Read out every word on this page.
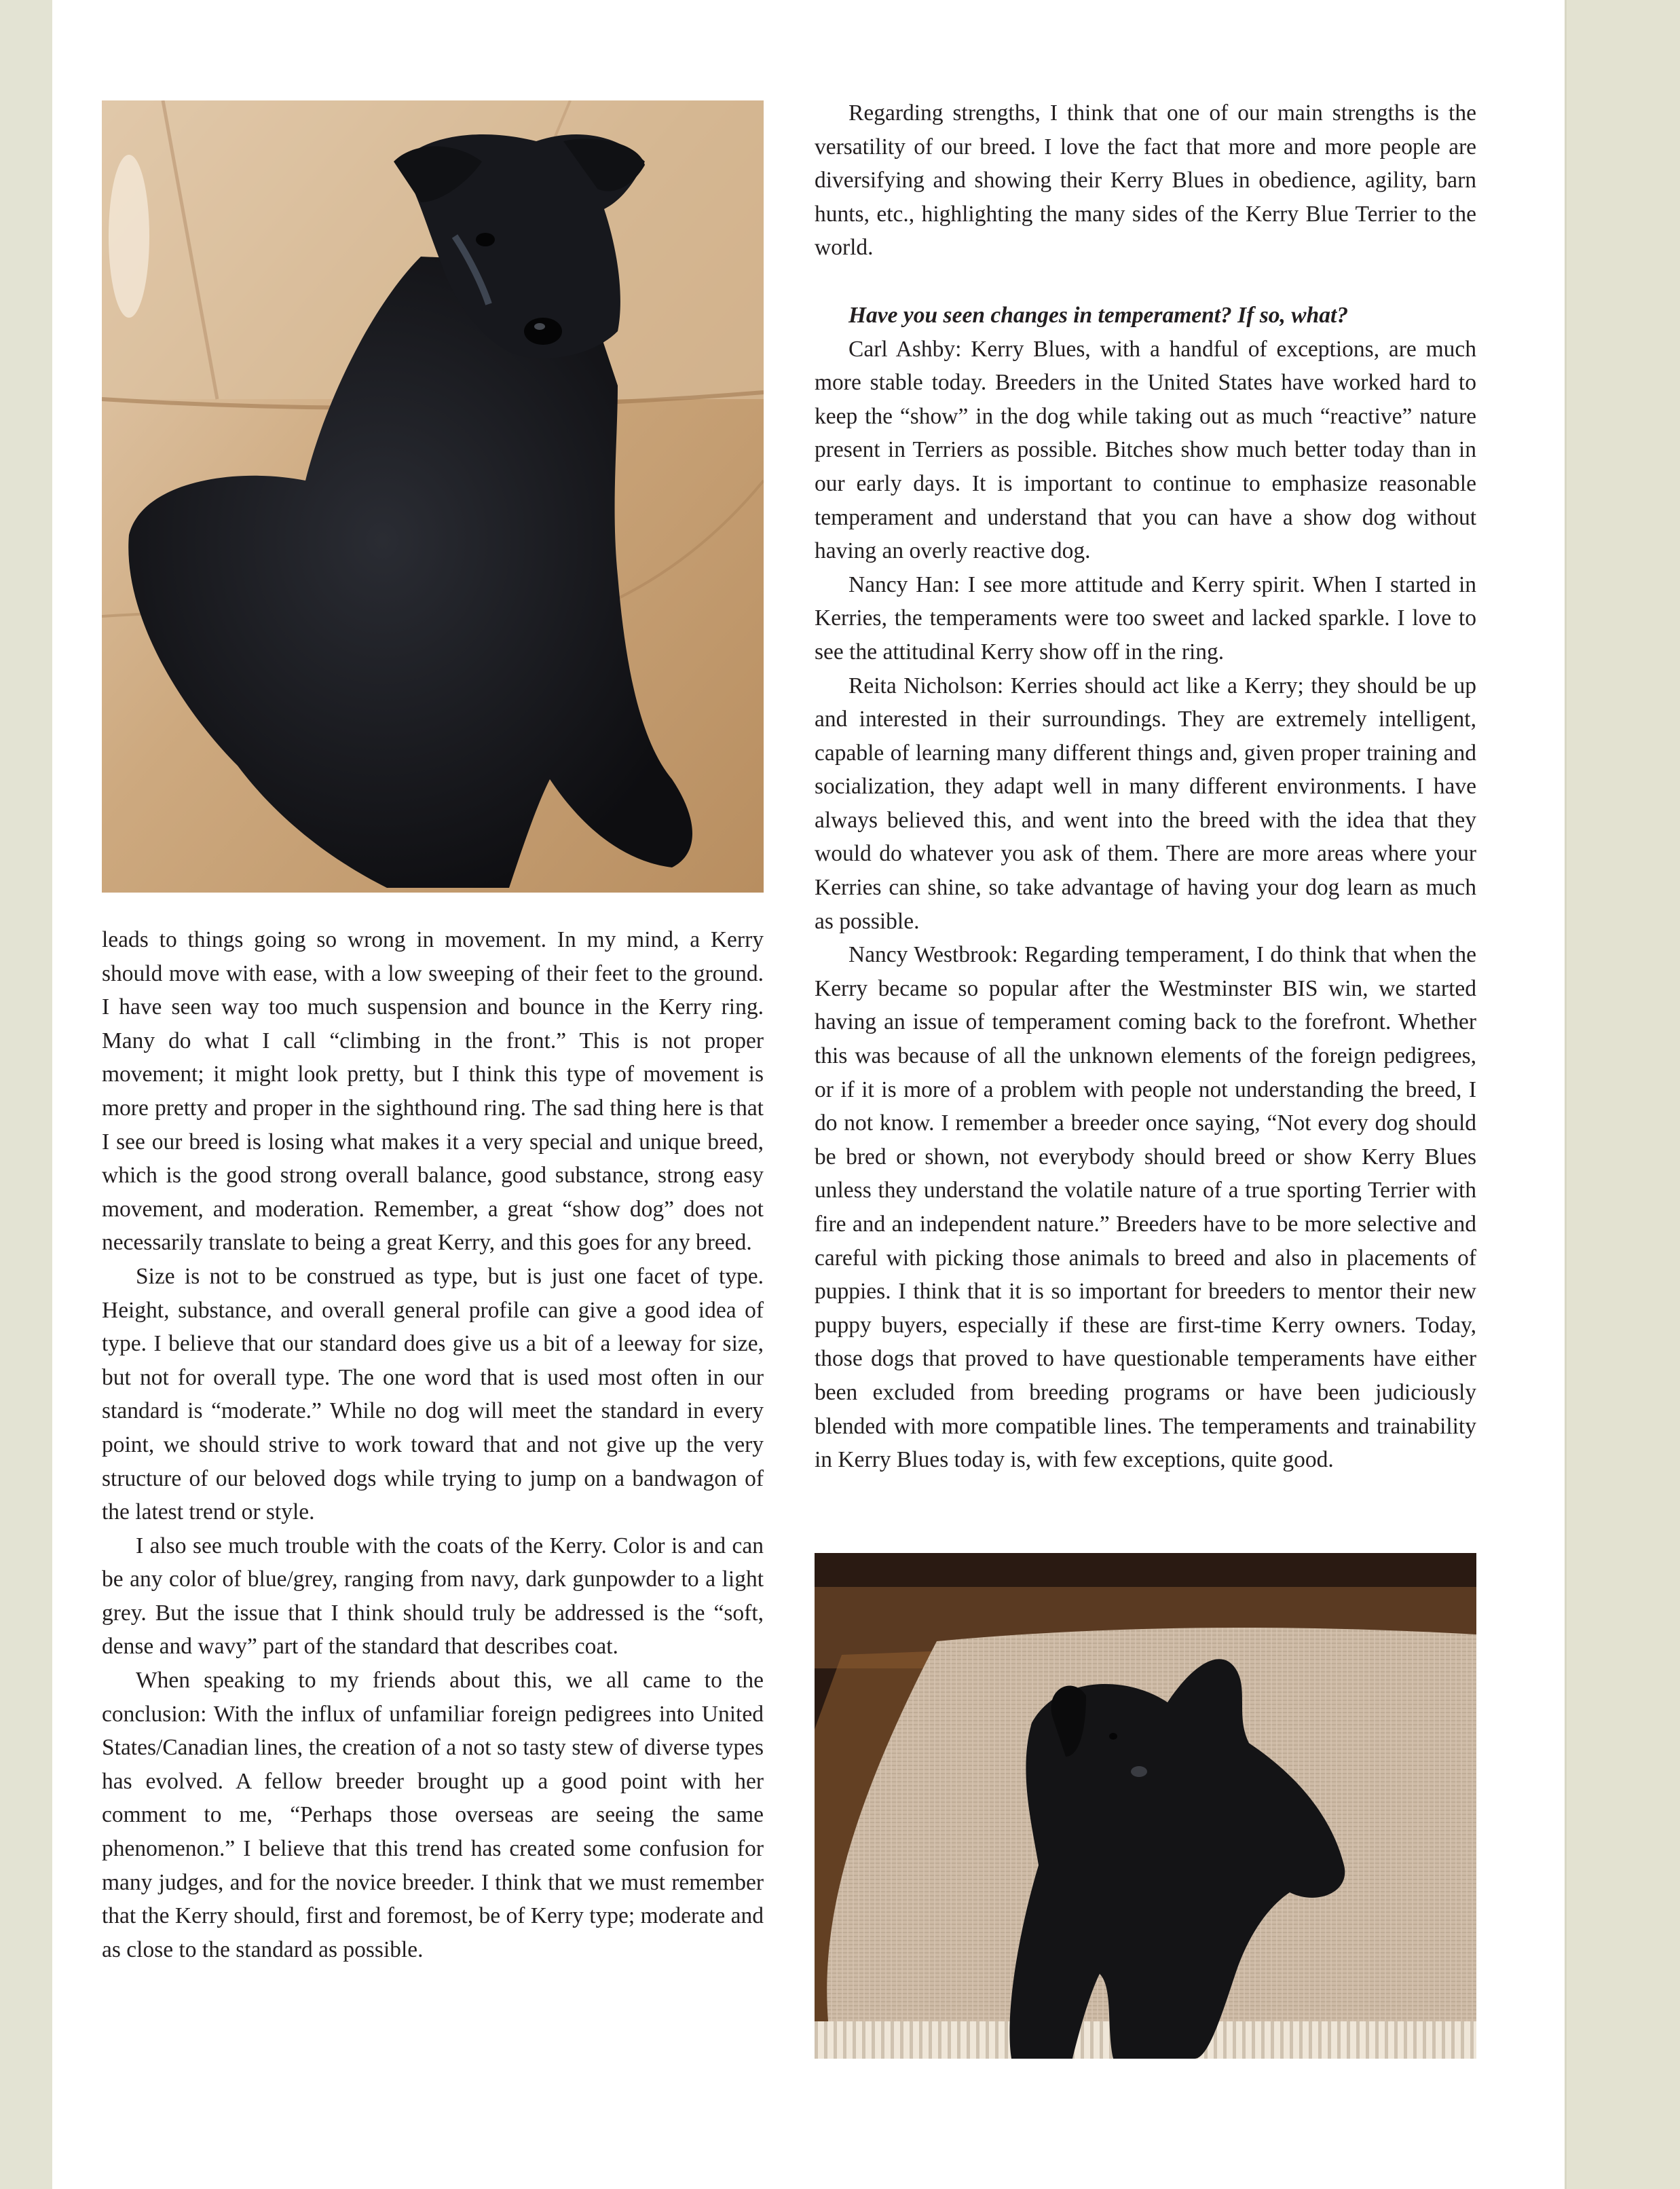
leads to things going so wrong in movement. In my mind, a Kerry should move with ease, with a low sweeping of their feet to the ground. I have seen way too much suspension and bounce in the Kerry ring. Many do what I call “climbing in the front.” This is not proper movement; it might look pretty, but I think this type of movement is more pretty and proper in the sighthound ring. The sad thing here is that I see our breed is losing what makes it a very special and unique breed, which is the good strong overall balance, good substance, strong easy movement, and moderation. Remember, a great “show dog” does not necessarily translate to being a great Kerry, and this goes for any breed.

Size is not to be construed as type, but is just one facet of type. Height, substance, and overall general profile can give a good idea of type. I believe that our standard does give us a bit of a leeway for size, but not for overall type. The one word that is used most often in our standard is “moderate.” While no dog will meet the standard in every point, we should strive to work toward that and not give up the very structure of our beloved dogs while trying to jump on a bandwagon of the latest trend or style.

I also see much trouble with the coats of the Kerry. Color is and can be any color of blue/grey, ranging from navy, dark gunpowder to a light grey. But the issue that I think should truly be addressed is the “soft, dense and wavy” part of the standard that describes coat.

When speaking to my friends about this, we all came to the conclusion: With the influx of unfamiliar foreign pedigrees into United States/Canadian lines, the creation of a not so tasty stew of diverse types has evolved. A fellow breeder brought up a good point with her comment to me, “Perhaps those overseas are seeing the same phenomenon.” I believe that this trend has created some confusion for many judges, and for the novice breeder. I think that we must remember that the Kerry should, first and foremost, be of Kerry type; moderate and as close to the standard as possible.

Regarding strengths, I think that one of our main strengths is the versatility of our breed. I love the fact that more and more people are diversifying and showing their Kerry Blues in obedience, agility, barn hunts, etc., highlighting the many sides of the Kerry Blue Terrier to the world.

Have you seen changes in temperament? If so, what?

Carl Ashby: Kerry Blues, with a handful of exceptions, are much more stable today. Breeders in the United States have worked hard to keep the “show” in the dog while taking out as much “reactive” nature present in Terriers as possible. Bitches show much better today than in our early days. It is important to continue to emphasize reasonable temperament and understand that you can have a show dog without having an overly reactive dog.

Nancy Han: I see more attitude and Kerry spirit. When I started in Kerries, the temperaments were too sweet and lacked sparkle. I love to see the attitudinal Kerry show off in the ring.

Reita Nicholson: Kerries should act like a Kerry; they should be up and interested in their surroundings. They are extremely intelligent, capable of learning many different things and, given proper training and socialization, they adapt well in many different environments. I have always believed this, and went into the breed with the idea that they would do whatever you ask of them. There are more areas where your Kerries can shine, so take advantage of having your dog learn as much as possible.

Nancy Westbrook: Regarding temperament, I do think that when the Kerry became so popular after the Westminster BIS win, we started having an issue of temperament coming back to the forefront. Whether this was because of all the unknown elements of the foreign pedigrees, or if it is more of a problem with people not understanding the breed, I do not know. I remember a breeder once saying, “Not every dog should be bred or shown, not everybody should breed or show Kerry Blues unless they understand the volatile nature of a true sporting Terrier with fire and an independent nature.” Breeders have to be more selective and careful with picking those animals to breed and also in placements of puppies. I think that it is so important for breeders to mentor their new puppy buyers, especially if these are first-time Kerry owners. Today, those dogs that proved to have questionable temperaments have either been excluded from breeding programs or have been judiciously blended with more compatible lines. The temperaments and trainability in Kerry Blues today is, with few exceptions, quite good.
